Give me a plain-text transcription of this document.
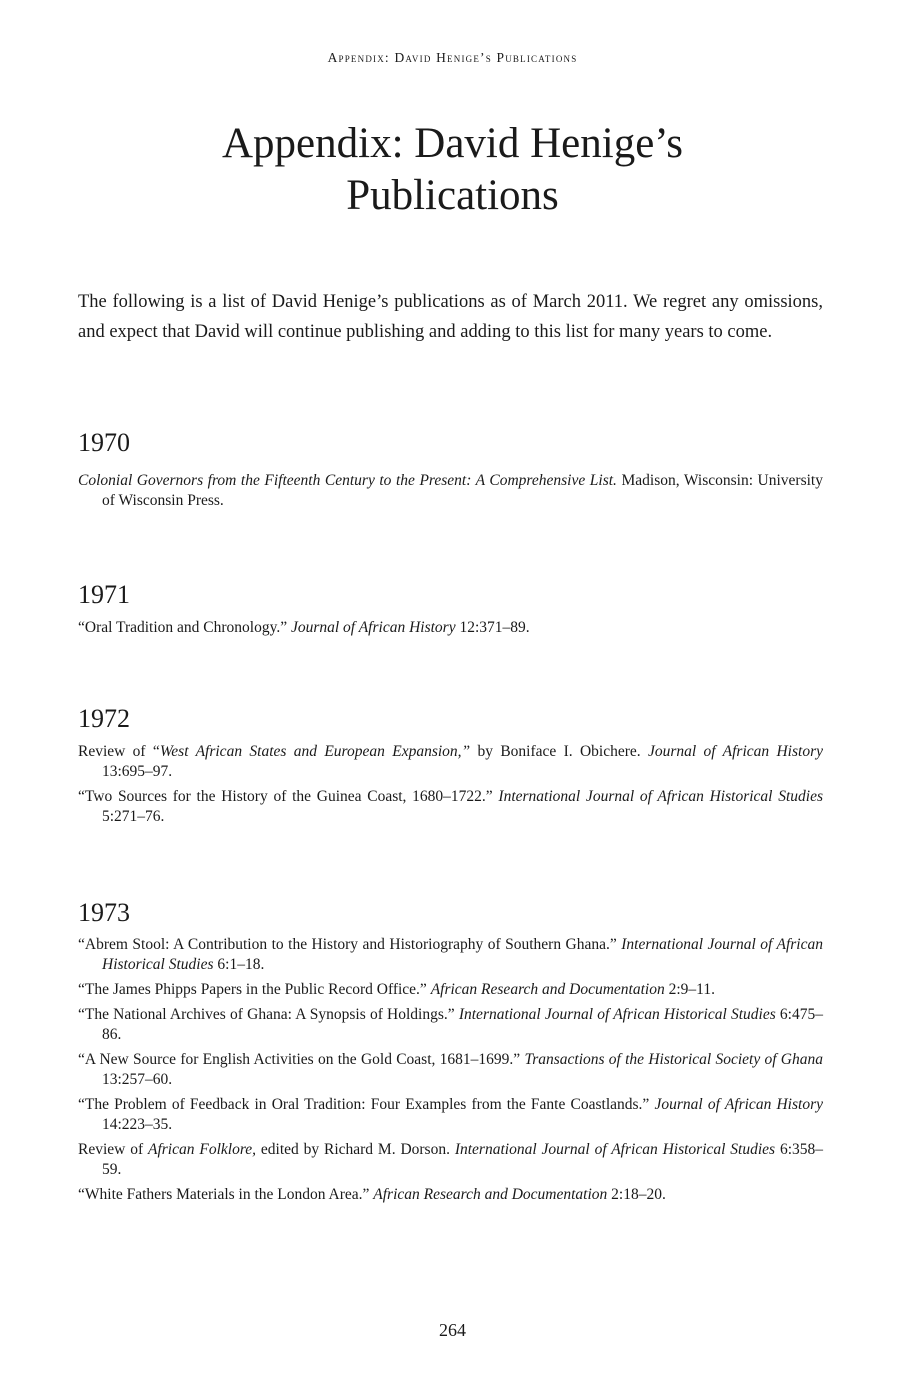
Appendix: David Henige’s Publications
Appendix: David Henige’s
Publications

The following is a list of David Henige’s publications as of March 2011. We regret any omissions, and expect that David will continue publishing and adding to this list for many years to come.

1970

Colonial Governors from the Fifteenth Century to the Present: A Comprehensive List. Madison, Wisconsin: University of Wisconsin Press.

1971

“Oral Tradition and Chronology.” Journal of African History 12:371–89.

1972

Review of “West African States and European Expansion,” by Boniface I. Obichere. Journal of African History 13:695–97.

“Two Sources for the History of the Guinea Coast, 1680–1722.” International Journal of African Historical Studies 5:271–76.

1973

“Abrem Stool: A Contribution to the History and Historiography of Southern Ghana.” International Journal of African Historical Studies 6:1–18.

“The James Phipps Papers in the Public Record Office.” African Research and Documentation 2:9–11.

“The National Archives of Ghana: A Synopsis of Holdings.” International Journal of African Historical Studies 6:475–86.

“A New Source for English Activities on the Gold Coast, 1681–1699.” Transactions of the Historical Society of Ghana 13:257–60.

“The Problem of Feedback in Oral Tradition: Four Examples from the Fante Coastlands.” Journal of African History 14:223–35.

Review of African Folklore, edited by Richard M. Dorson. International Journal of African Historical Studies 6:358–59.

“White Fathers Materials in the London Area.” African Research and Documentation 2:18–20.

264
